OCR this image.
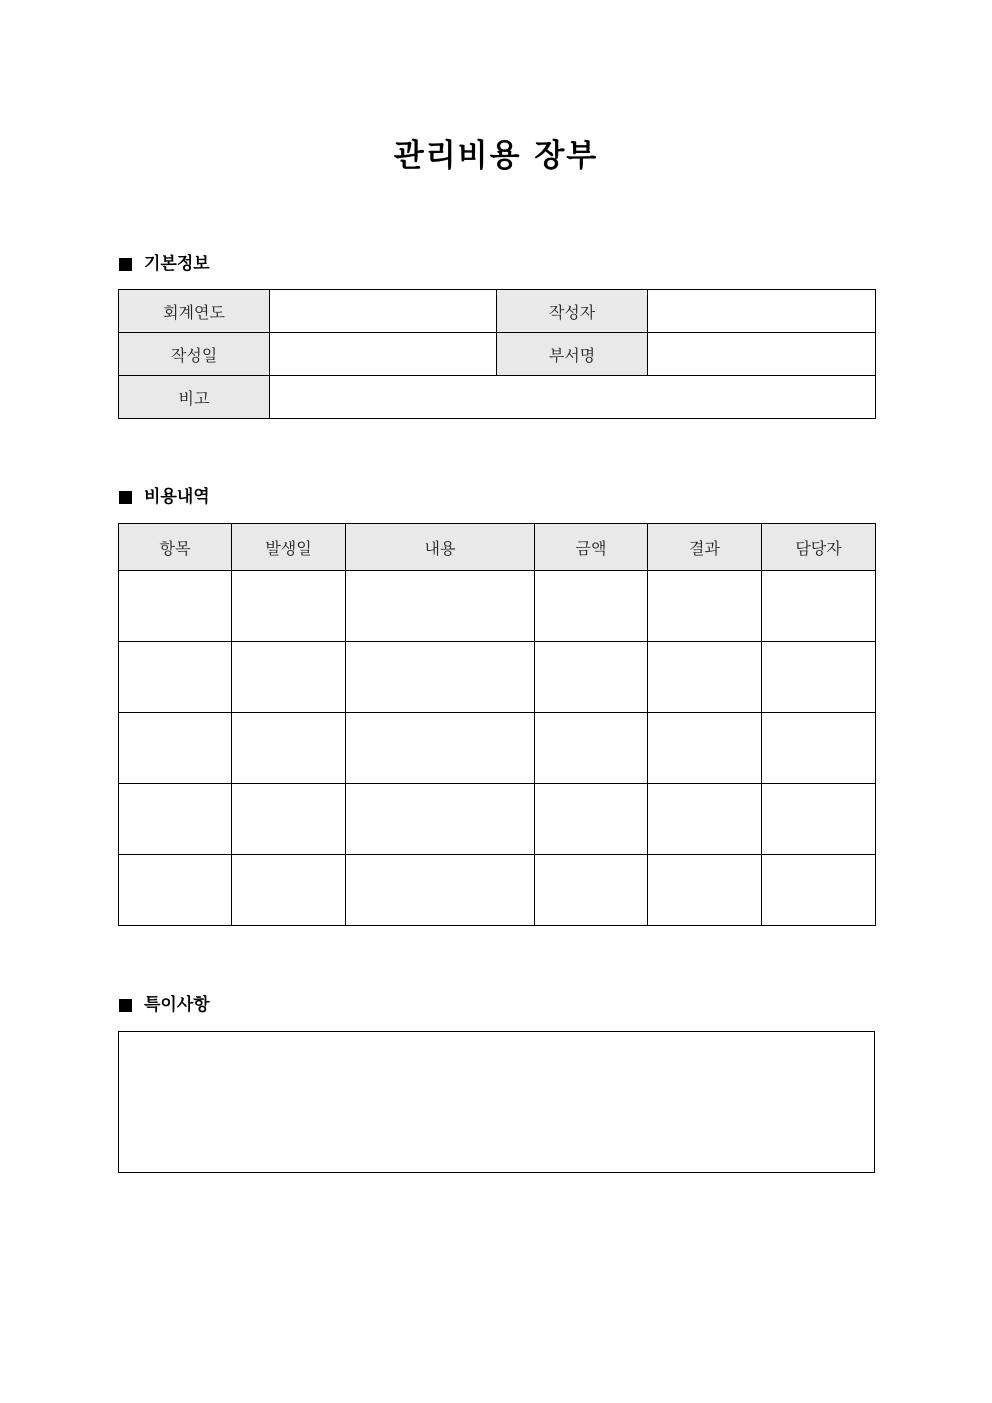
관리비용 장부
기본정보
회계연도		작성자	
작성일		부서명	
비고			
비용내역
항목	발생일	내용	금액	결과	담당자

특이사항
